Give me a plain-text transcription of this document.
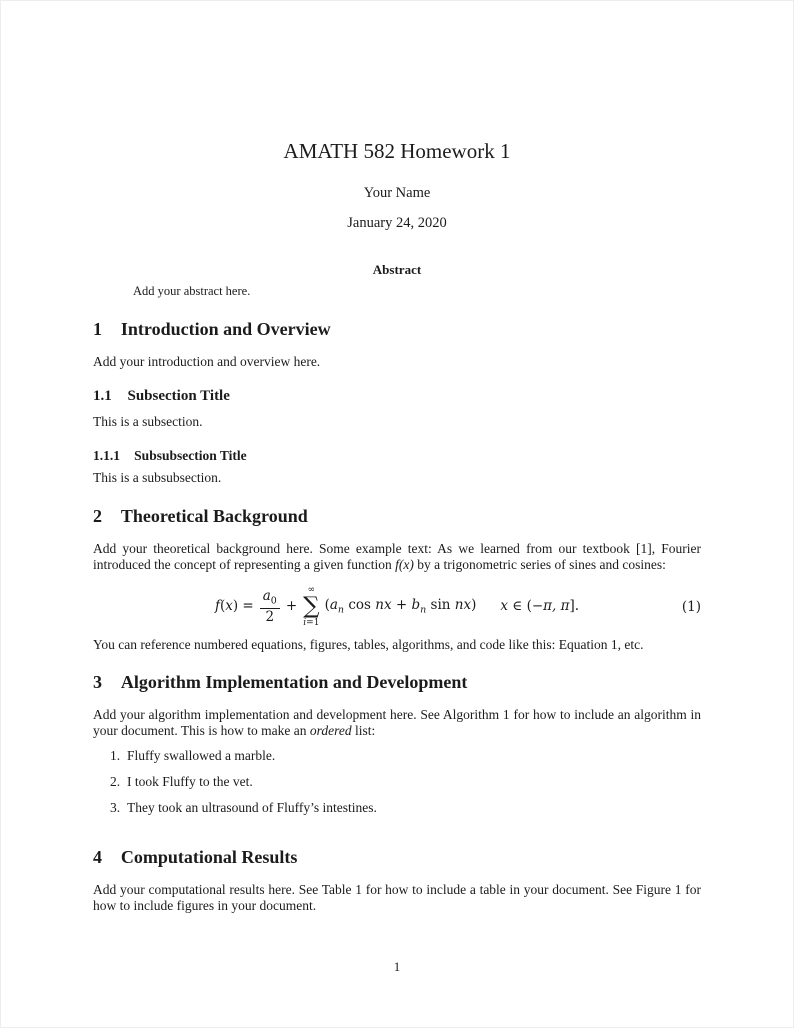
AMATH 582 Homework 1

Your Name

January 24, 2020

Abstract

Add your abstract here.

1 Introduction and Overview

Add your introduction and overview here.

1.1 Subsection Title

This is a subsection.

1.1.1 Subsubsection Title

This is a subsubsection.

2 Theoretical Background

Add your theoretical background here. Some example text: As we learned from our textbook [1], Fourier introduced the concept of representing a given function f(x) by a trigonometric series of sines and cosines:

$f(x) = \frac{a_0}{2}$ +
∞
∑
i=1
($a_n$ cos nx + $b_n$ sin nx) x ∈ (−π, π].	(1)

You can reference numbered equations, figures, tables, algorithms, and code like this: Equation 1, etc.

3 Algorithm Implementation and Development

Add your algorithm implementation and development here. See Algorithm 1 for how to include an algorithm in your document. This is how to make an ordered list:

1. Fluffy swallowed a marble.
2. I took Fluffy to the vet.
3. They took an ultrasound of Fluffy’s intestines.
4 Computational Results

Add your computational results here. See Table 1 for how to include a table in your document. See Figure 1 for how to include figures in your document.

1
